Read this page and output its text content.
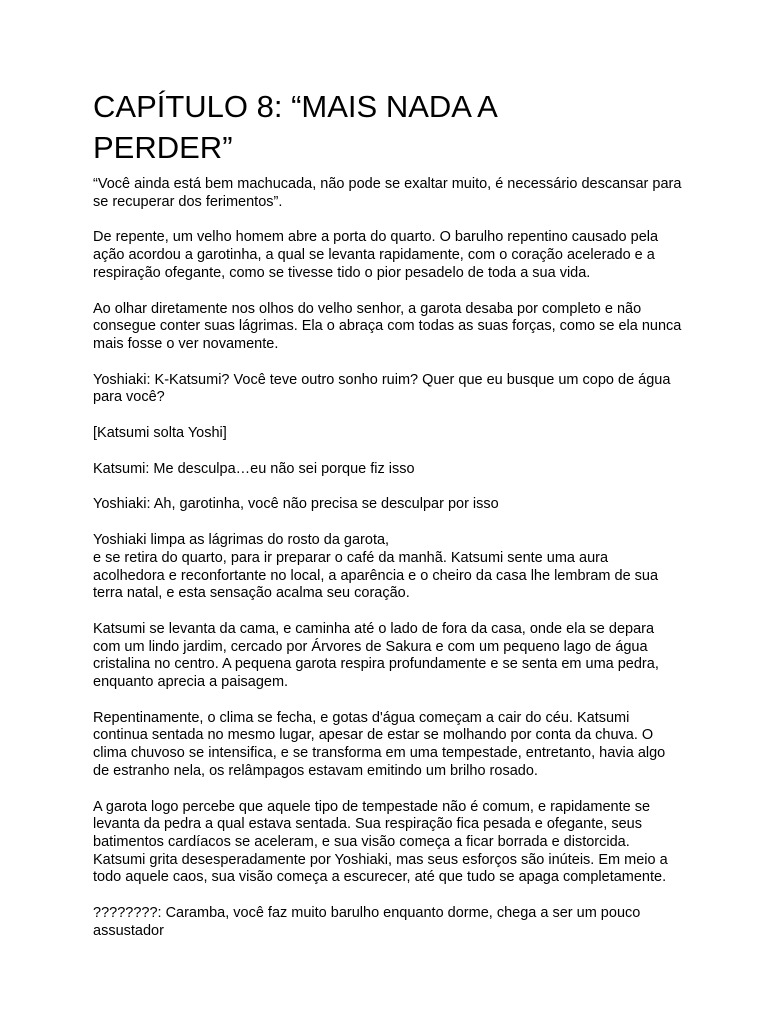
CAPÍTULO 8: “MAIS NADA A
PERDER”

“Você ainda está bem machucada, não pode se exaltar muito, é necessário descansar para se recuperar dos ferimentos”.

De repente, um velho homem abre a porta do quarto. O barulho repentino causado pela ação acordou a garotinha, a qual se levanta rapidamente, com o coração acelerado e a respiração ofegante, como se tivesse tido o pior pesadelo de toda a sua vida.

Ao olhar diretamente nos olhos do velho senhor, a garota desaba por completo e não consegue conter suas lágrimas. Ela o abraça com todas as suas forças, como se ela nunca mais fosse o ver novamente.

Yoshiaki: K-Katsumi? Você teve outro sonho ruim? Quer que eu busque um copo de água para você?

[Katsumi solta Yoshi]

Katsumi: Me desculpa…eu não sei porque fiz isso

Yoshiaki: Ah, garotinha, você não precisa se desculpar por isso

Yoshiaki limpa as lágrimas do rosto da garota,
e se retira do quarto, para ir preparar o café da manhã. Katsumi sente uma aura acolhedora e reconfortante no local, a aparência e o cheiro da casa lhe lembram de sua terra natal, e esta sensação acalma seu coração.

Katsumi se levanta da cama, e caminha até o lado de fora da casa, onde ela se depara com um lindo jardim, cercado por Árvores de Sakura e com um pequeno lago de água cristalina no centro. A pequena garota respira profundamente e se senta em uma pedra, enquanto aprecia a paisagem.

Repentinamente, o clima se fecha, e gotas d'água começam a cair do céu. Katsumi continua sentada no mesmo lugar, apesar de estar se molhando por conta da chuva. O clima chuvoso se intensifica, e se transforma em uma tempestade, entretanto, havia algo de estranho nela, os relâmpagos estavam emitindo um brilho rosado.

A garota logo percebe que aquele tipo de tempestade não é comum, e rapidamente se levanta da pedra a qual estava sentada. Sua respiração fica pesada e ofegante, seus batimentos cardíacos se aceleram, e sua visão começa a ficar borrada e distorcida. Katsumi grita desesperadamente por Yoshiaki, mas seus esforços são inúteis. Em meio a todo aquele caos, sua visão começa a escurecer, até que tudo se apaga completamente.

????????: Caramba, você faz muito barulho enquanto dorme, chega a ser um pouco assustador
